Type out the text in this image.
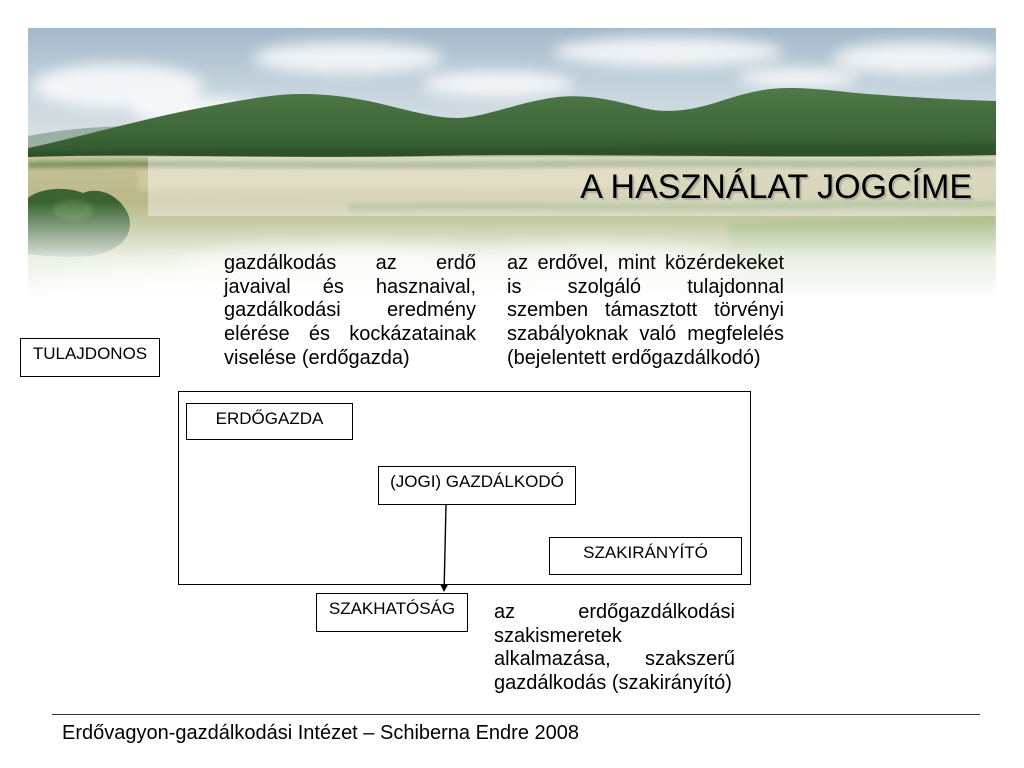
A HASZNÁLAT JOGCÍME
gazdálkodás az erdő
javaival és hasznaival,
gazdálkodási eredmény
elérése és kockázatainak
viselése (erdőgazda)
az erdővel, mint közérdekeket
is szolgáló tulajdonnal
szemben támasztott törvényi
szabályoknak való megfelelés
(bejelentett erdőgazdálkodó)
az erdőgazdálkodási
szakismeretek
alkalmazása, szakszerű
gazdálkodás (szakirányító)
TULAJDONOS
ERDŐGAZDA
(JOGI) GAZDÁLKODÓ
SZAKIRÁNYÍTÓ
SZAKHATÓSÁG
Erdővagyon-gazdálkodási Intézet – Schiberna Endre 2008
